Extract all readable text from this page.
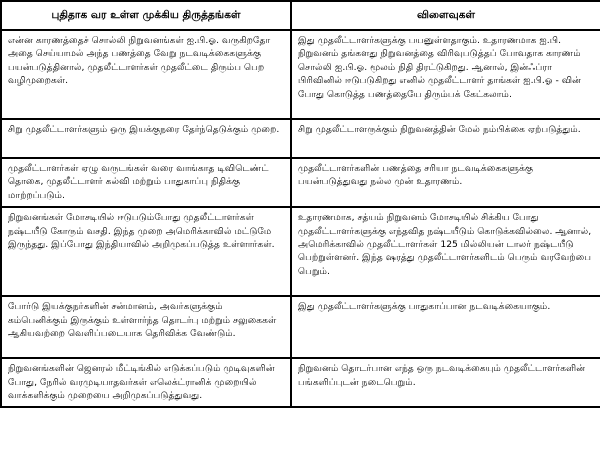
புதிதாக வர உள்ள முக்கிய திருத்தங்கள்	விளைவுகள்

என்ன காரணத்தைச் சொல்லி நிறுவனங்கள் ஐ.பி.ஓ. வருகிறதோ அதை செய்யாமல் அந்த பணத்தை வேறு நடவடிக்கைகளுக்கு பயன்படுத்தினால், முதலீட்டாளர்கள் முதலீட்டை திரும்ப பெற வழிமுறைகள்.	இது முதலீட்டாளர்களுக்கு பயனுள்ளதாகும். உதாரணமாக ஐ.பி. நிறுவனம் தங்களது நிறுவனத்தை விரிவுபடுத்தப் போவதாக காரணம் சொல்லி ஐ.பி.ஓ. மூலம் நிதி திரட்டுகிறது. ஆனால், இன்ஃப்ரா பிரிவினில் ஈடுபடுகிறது எனில் முதலீட்டாளர் தாங்கள் ஐ.பி.ஓ - வின் போது கொடுத்த பணத்தையே திரும்பக் கேட்கலாம்.

சிறு முதலீட்டாளர்களும் ஒரு இயக்குநரை தேர்ந்தெடுக்கும் முறை.	சிறு முதலீட்டாளருக்கும் நிறுவனத்தின் மேல் நம்பிக்கை ஏற்படுத்தும்.

முதலீட்டாளர்கள் ஏழு வருடங்கள் வரை வாங்காத டிவிடெண்ட் தொகை, முதலீட்டாளர் கல்வி மற்றும் பாதுகாப்பு நிதிக்கு மாற்றப்படும்.	முதலீட்டாளர்களின் பணத்தை சரியா நடவடிக்கைகளுக்கு பயன்படுத்துவது நல்ல முன் உதாரணம்.

நிறுவனங்கள் மோசடியில் ஈடுபடும்போது முதலீட்டாளர்கள் நஷ்டயீடு கோரும் வசதி. இந்த முறை அமெரிக்காவில் மட்டுமே இருந்தது. இப்போது இந்தியாவில் அறிமுகப்படுத்த உள்ளார்கள்.	உதாரணமாக, சத்யம் நிறுவனம் மோசடியில் சிக்கிய போது முதலீட்டாளர்களுக்கு எந்தவித நஷ்டயீடும் கொடுக்கவில்லை. ஆனால், அமெரிக்காவில் முதலீட்டாளர்கள் 125 மில்லியன் டாலர் நஷ்டயீடு பெற்றுள்ளனர். இந்த ஷரத்து முதலீட்டாளர்களிடம் பெரும் வரவேற்பை பெறும்.

போர்டு இயக்குநர்களின் சன்மானம், அவர்களுக்கும் கம்பெனிக்கும் இருக்கும் உள்ளார்ந்த தொடர்பு மற்றும் சலுகைகள் ஆகியவற்றை வெளிப்படையாக தெரிவிக்க வேண்டும்.	இது முதலீட்டாளர்களுக்கு பாதுகாப்பான நடவடிக்கையாகும்.

நிறுவனங்களின் ஜெனரல் மீட்டிங்கில் எடுக்கப்படும் முடிவுகளின் போது, நேரில் வரமுடியாதவர்கள் எலெக்ட்ரானிக் முறையில் வாக்களிக்கும் முறையை அறிமுகப்படுத்துவது.	நிறுவனம் தொடர்பான எந்த ஒரு நடவடிக்கையும் முதலீட்டாளர்களின் பங்களிப்புடன் நடைபெறும்.
